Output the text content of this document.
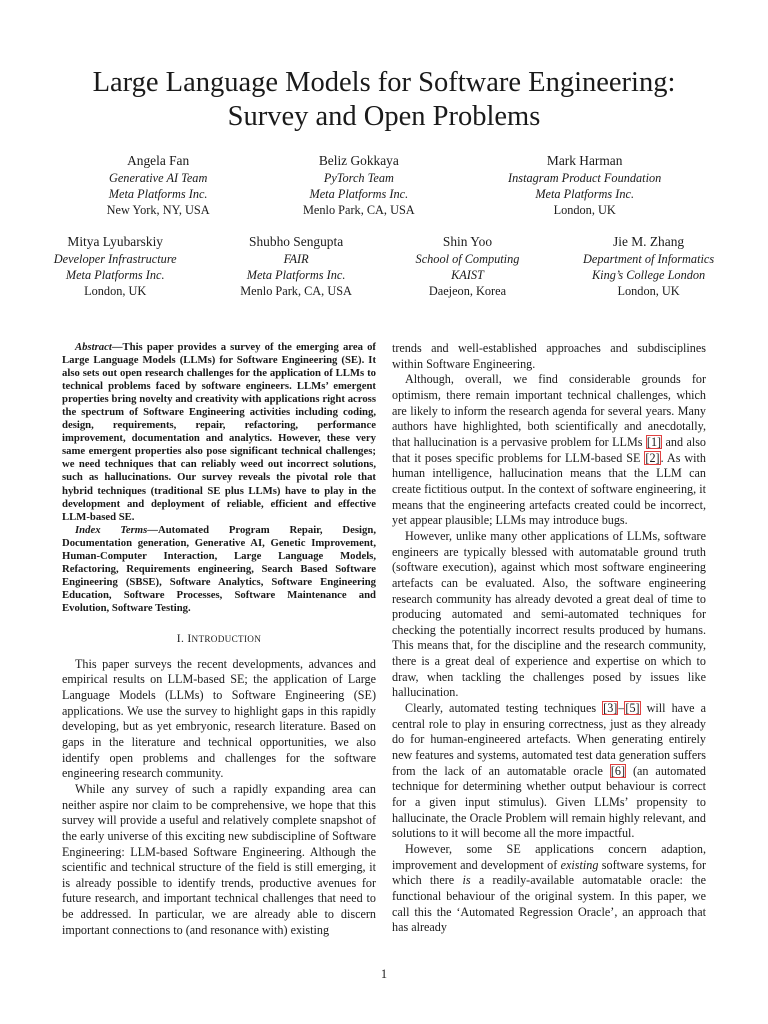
Large Language Models for Software Engineering:
Survey and Open Problems
Angela Fan
Generative AI Team
Meta Platforms Inc.
New York, NY, USA
Beliz Gokkaya
PyTorch Team
Meta Platforms Inc.
Menlo Park, CA, USA
Mark Harman
Instagram Product Foundation
Meta Platforms Inc.
London, UK
Mitya Lyubarskiy
Developer Infrastructure
Meta Platforms Inc.
London, UK
Shubho Sengupta
FAIR
Meta Platforms Inc.
Menlo Park, CA, USA
Shin Yoo
School of Computing
KAIST
Daejeon, Korea
Jie M. Zhang
Department of Informatics
King’s College London
London, UK

Abstract—This paper provides a survey of the emerging area of Large Language Models (LLMs) for Software Engineering (SE). It also sets out open research challenges for the application of LLMs to technical problems faced by software engineers. LLMs’ emergent properties bring novelty and creativity with applications right across the spectrum of Software Engineering activities including coding, design, requirements, repair, refactoring, performance improvement, documentation and analytics. However, these very same emergent properties also pose significant technical challenges; we need techniques that can reliably weed out incorrect solutions, such as hallucinations. Our survey reveals the pivotal role that hybrid techniques (traditional SE plus LLMs) have to play in the development and deployment of reliable, efficient and effective LLM-based SE.

Index Terms—Automated Program Repair, Design, Documentation generation, Generative AI, Genetic Improvement, Human-Computer Interaction, Large Language Models, Refactoring, Requirements engineering, Search Based Software Engineering (SBSE), Software Analytics, Software Engineering Education, Software Processes, Software Maintenance and Evolution, Software Testing.

I. INTRODUCTION

This paper surveys the recent developments, advances and empirical results on LLM-based SE; the application of Large Language Models (LLMs) to Software Engineering (SE) applications. We use the survey to highlight gaps in this rapidly developing, but as yet embryonic, research literature. Based on gaps in the literature and technical opportunities, we also identify open problems and challenges for the software engineering research community.

While any survey of such a rapidly expanding area can neither aspire nor claim to be comprehensive, we hope that this survey will provide a useful and relatively complete snapshot of the early universe of this exciting new subdiscipline of Software Engineering: LLM-based Software Engineering. Although the scientific and technical structure of the field is still emerging, it is already possible to identify trends, productive avenues for future research, and important technical challenges that need to be addressed. In particular, we are already able to discern important connections to (and resonance with) existing

trends and well-established approaches and subdisciplines within Software Engineering.

Although, overall, we find considerable grounds for optimism, there remain important technical challenges, which are likely to inform the research agenda for several years. Many authors have highlighted, both scientifically and anecdotally, that hallucination is a pervasive problem for LLMs [1] and also that it poses specific problems for LLM-based SE [2]. As with human intelligence, hallucination means that the LLM can create fictitious output. In the context of software engineering, it means that the engineering artefacts created could be incorrect, yet appear plausible; LLMs may introduce bugs.

However, unlike many other applications of LLMs, software engineers are typically blessed with automatable ground truth (software execution), against which most software engineering artefacts can be evaluated. Also, the software engineering research community has already devoted a great deal of time to producing automated and semi-automated techniques for checking the potentially incorrect results produced by humans. This means that, for the discipline and the research community, there is a great deal of experience and expertise on which to draw, when tackling the challenges posed by issues like hallucination.

Clearly, automated testing techniques [3]–[5] will have a central role to play in ensuring correctness, just as they already do for human-engineered artefacts. When generating entirely new features and systems, automated test data generation suffers from the lack of an automatable oracle [6] (an automated technique for determining whether output behaviour is correct for a given input stimulus). Given LLMs’ propensity to hallucinate, the Oracle Problem will remain highly relevant, and solutions to it will become all the more impactful.

However, some SE applications concern adaption, improvement and development of existing software systems, for which there is a readily-available automatable oracle: the functional behaviour of the original system. In this paper, we call this the ‘Automated Regression Oracle’, an approach that has already

1
